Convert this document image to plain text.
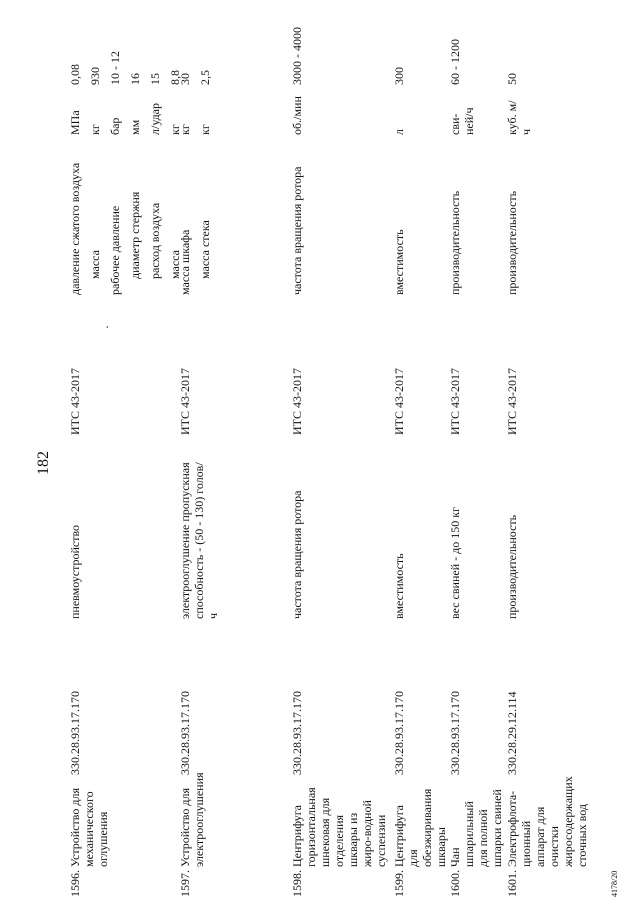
182
·
4178/20
1596.
Устройство для механического оглушения
330.28.93.17.170
пневмоустройство
ИТС 43-2017
давление сжатого воздуха
МПа
0,08
масса
кг
930
рабочее давление
бар
10 - 12
диаметр стержня
мм
16
расход воздуха
л/удар
15
масса
кг
8,8
1597.
Устройство для электрооглушения
330.28.93.17.170
электрооглушение пропускная способность - (50 - 130) голов/ч
ИТС 43-2017
масса шкафа
кг
30
масса стека
кг
2,5
1598.
Центрифуга горизонтальная шнековая для отделения шквары из жиро-водной суспензии
330.28.93.17.170
частота вращения ротора
ИТС 43-2017
частота вращения ротора
об./мин
3000 - 4000
1599.
Центрифуга для обезжиривания шквары
330.28.93.17.170
вместимость
ИТС 43-2017
вместимость
л
300
1600.
Чан шпарильный для полной шпарки свиней
330.28.93.17.170
вес свиней - до 150 кг
ИТС 43-2017
производительность
сви-ней/ч
60 - 1200
1601.
Электрофлота-ционный аппарат для очистки жиросодержащих сточных вод
330.28.29.12.114
производительность
ИТС 43-2017
производительность
куб. м/ч
50
